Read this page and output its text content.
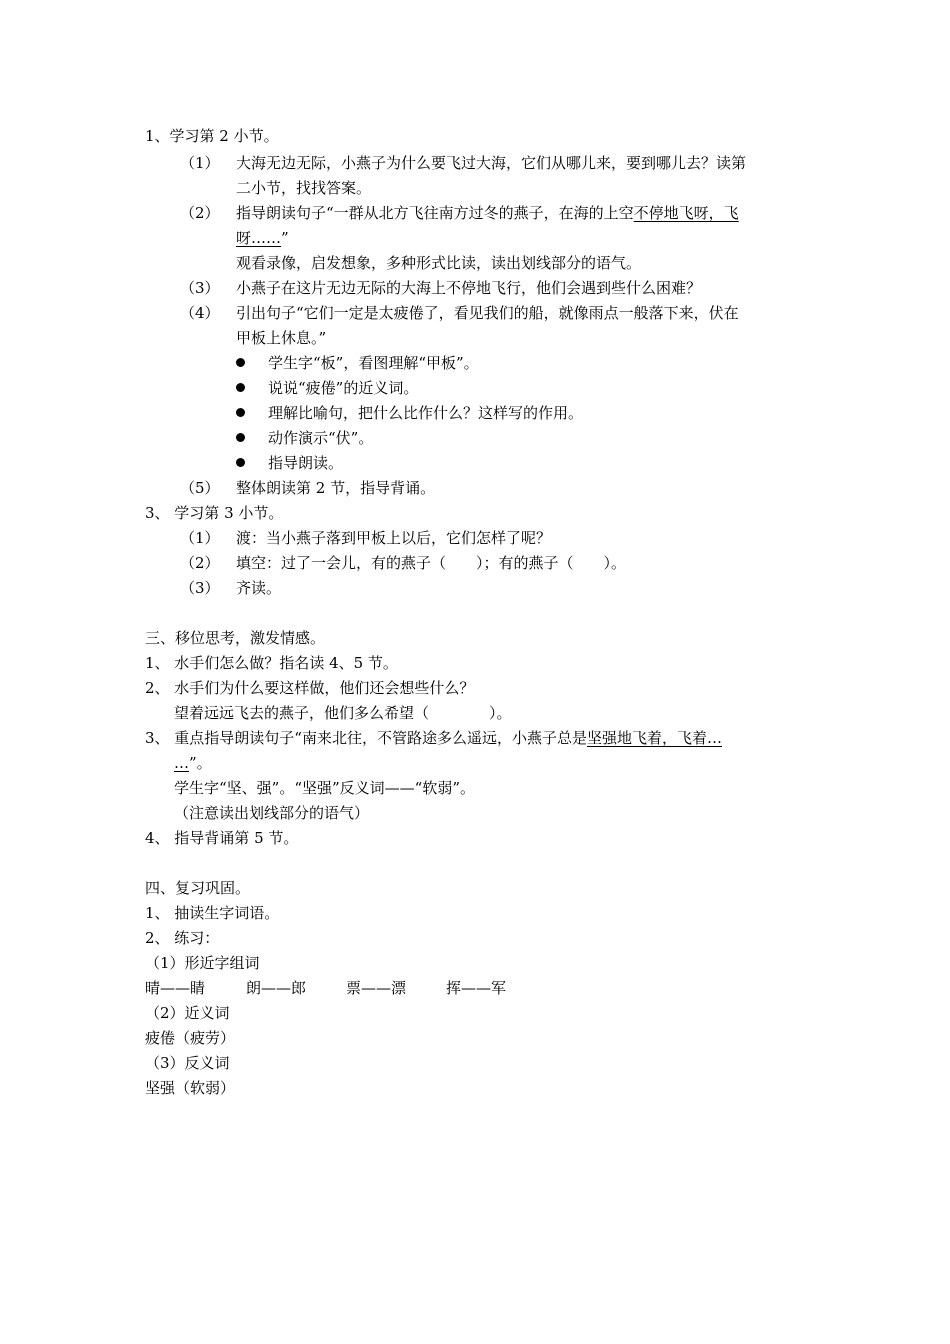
1、学习第 2 小节。
（1） 大海无边无际，小燕子为什么要飞过大海，它们从哪儿来，要到哪儿去？读第
二小节，找找答案。
（2） 指导朗读句子“一群从北方飞往南方过冬的燕子，在海的上空不停地飞呀，飞
呀……”
观看录像，启发想象，多种形式比读，读出划线部分的语气。
（3） 小燕子在这片无边无际的大海上不停地飞行，他们会遇到些什么困难？
（4） 引出句子“它们一定是太疲倦了，看见我们的船，就像雨点一般落下来，伏在
甲板上休息。”
学生字“板”，看图理解“甲板”。
说说“疲倦”的近义词。
理解比喻句，把什么比作什么？这样写的作用。
动作演示“伏”。
指导朗读。
（5） 整体朗读第 2 节，指导背诵。
3、 学习第 3 小节。
（1） 渡：当小燕子落到甲板上以后，它们怎样了呢？
（2） 填空：过了一会儿，有的燕子（　　）；有的燕子（　　）。
（3） 齐读。
三、移位思考，激发情感。
1、 水手们怎么做？指名读 4、5 节。
2、 水手们为什么要这样做，他们还会想些什么？
望着远远飞去的燕子，他们多么希望（　　　　）。
3、 重点指导朗读句子“南来北往，不管路途多么遥远，小燕子总是坚强地飞着，飞着…
…”。
学生字“坚、强”。“坚强”反义词——“软弱”。
（注意读出划线部分的语气）
4、 指导背诵第 5 节。
四、复习巩固。
1、 抽读生字词语。
2、 练习：
（1）形近字组词
晴——睛	朗——郎	票——漂	挥——军
（2）近义词
疲倦（疲劳）
（3）反义词
坚强（软弱）
